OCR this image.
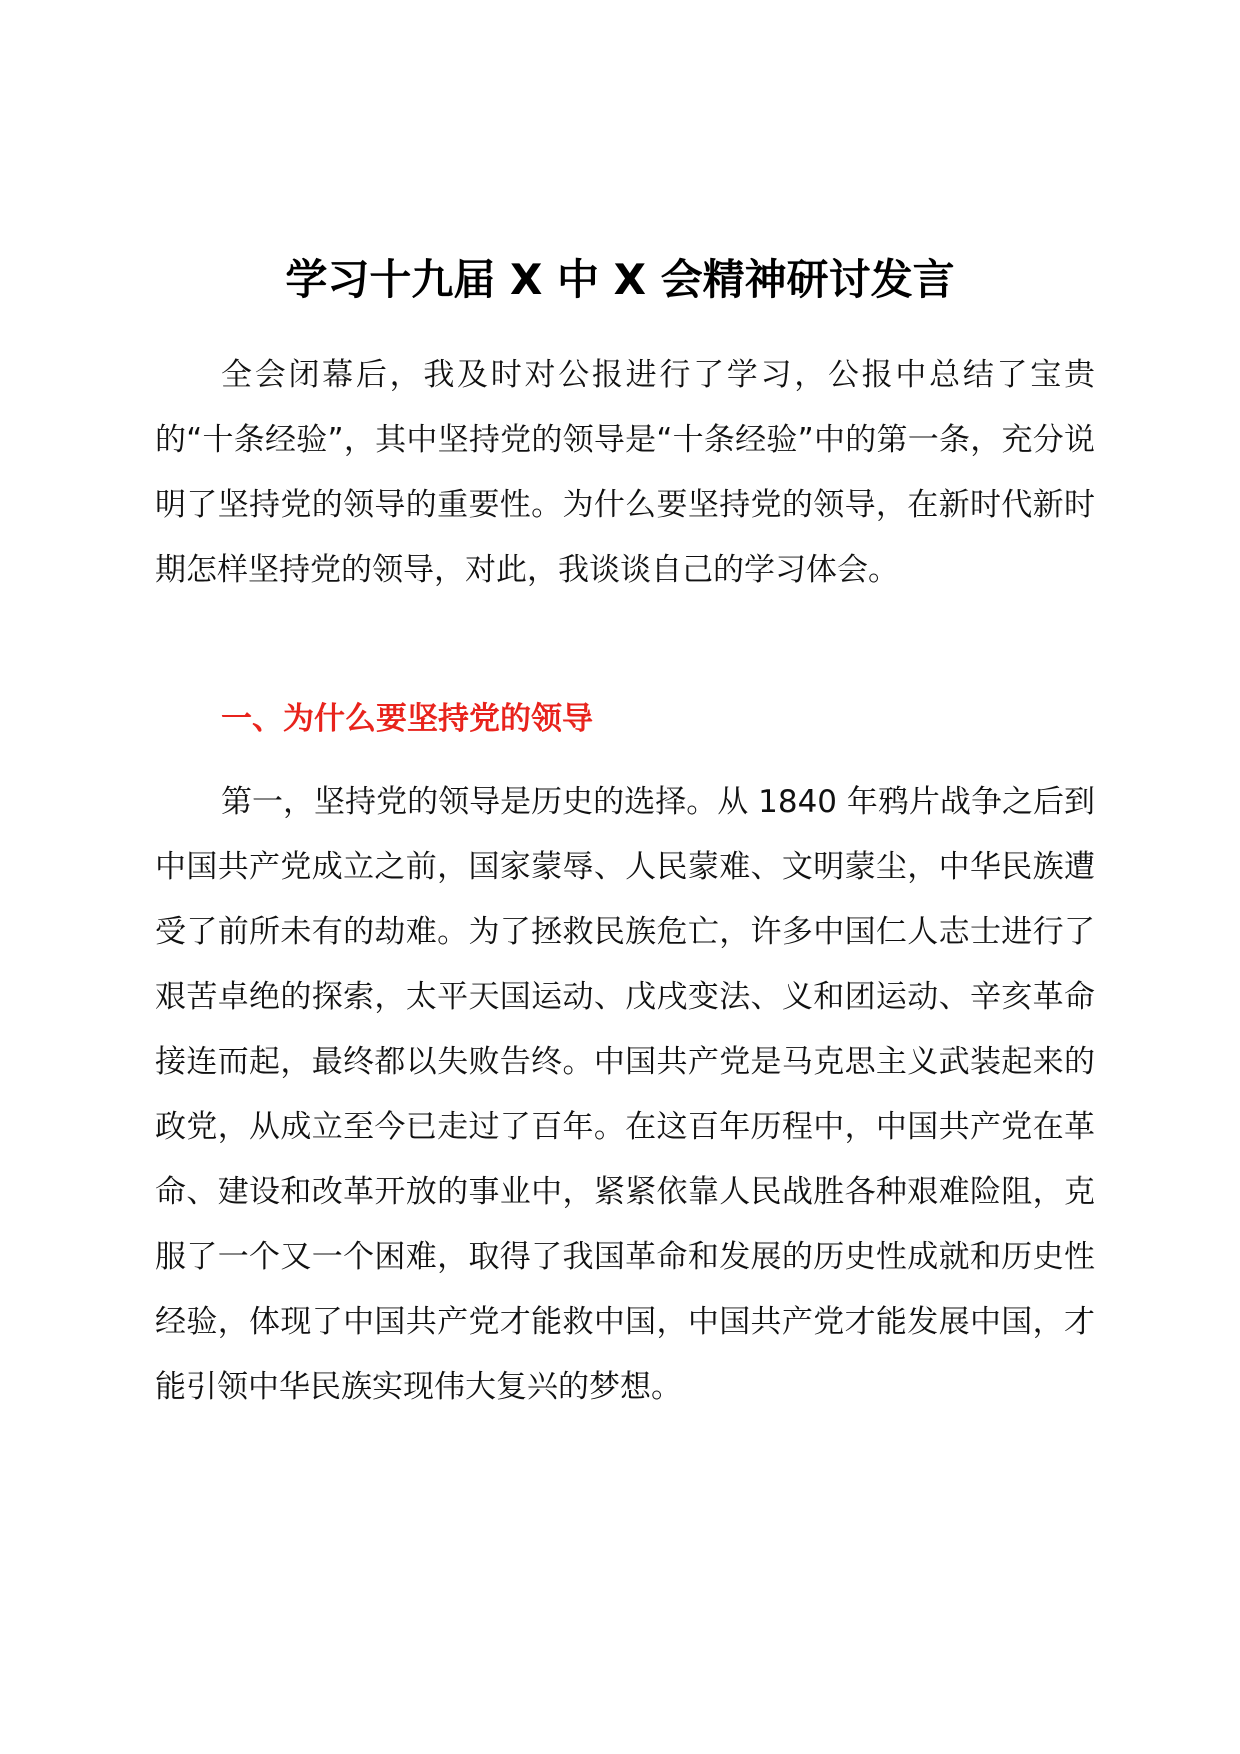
学习十九届 X 中 X 会精神研讨发言

全会闭幕后，我及时对公报进行了学习，公报中总结了宝贵的“十条经验”，其中坚持党的领导是“十条经验”中的第一条，充分说明了坚持党的领导的重要性。为什么要坚持党的领导，在新时代新时期怎样坚持党的领导，对此，我谈谈自己的学习体会。

一、为什么要坚持党的领导

第一，坚持党的领导是历史的选择。从 1840 年鸦片战争之后到中国共产党成立之前，国家蒙辱、人民蒙难、文明蒙尘，中华民族遭受了前所未有的劫难。为了拯救民族危亡，许多中国仁人志士进行了艰苦卓绝的探索，太平天国运动、戊戌变法、义和团运动、辛亥革命接连而起，最终都以失败告终。中国共产党是马克思主义武装起来的政党，从成立至今已走过了百年。在这百年历程中，中国共产党在革命、建设和改革开放的事业中，紧紧依靠人民战胜各种艰难险阻，克服了一个又一个困难，取得了我国革命和发展的历史性成就和历史性经验，体现了中国共产党才能救中国，中国共产党才能发展中国，才能引领中华民族实现伟大复兴的梦想。
